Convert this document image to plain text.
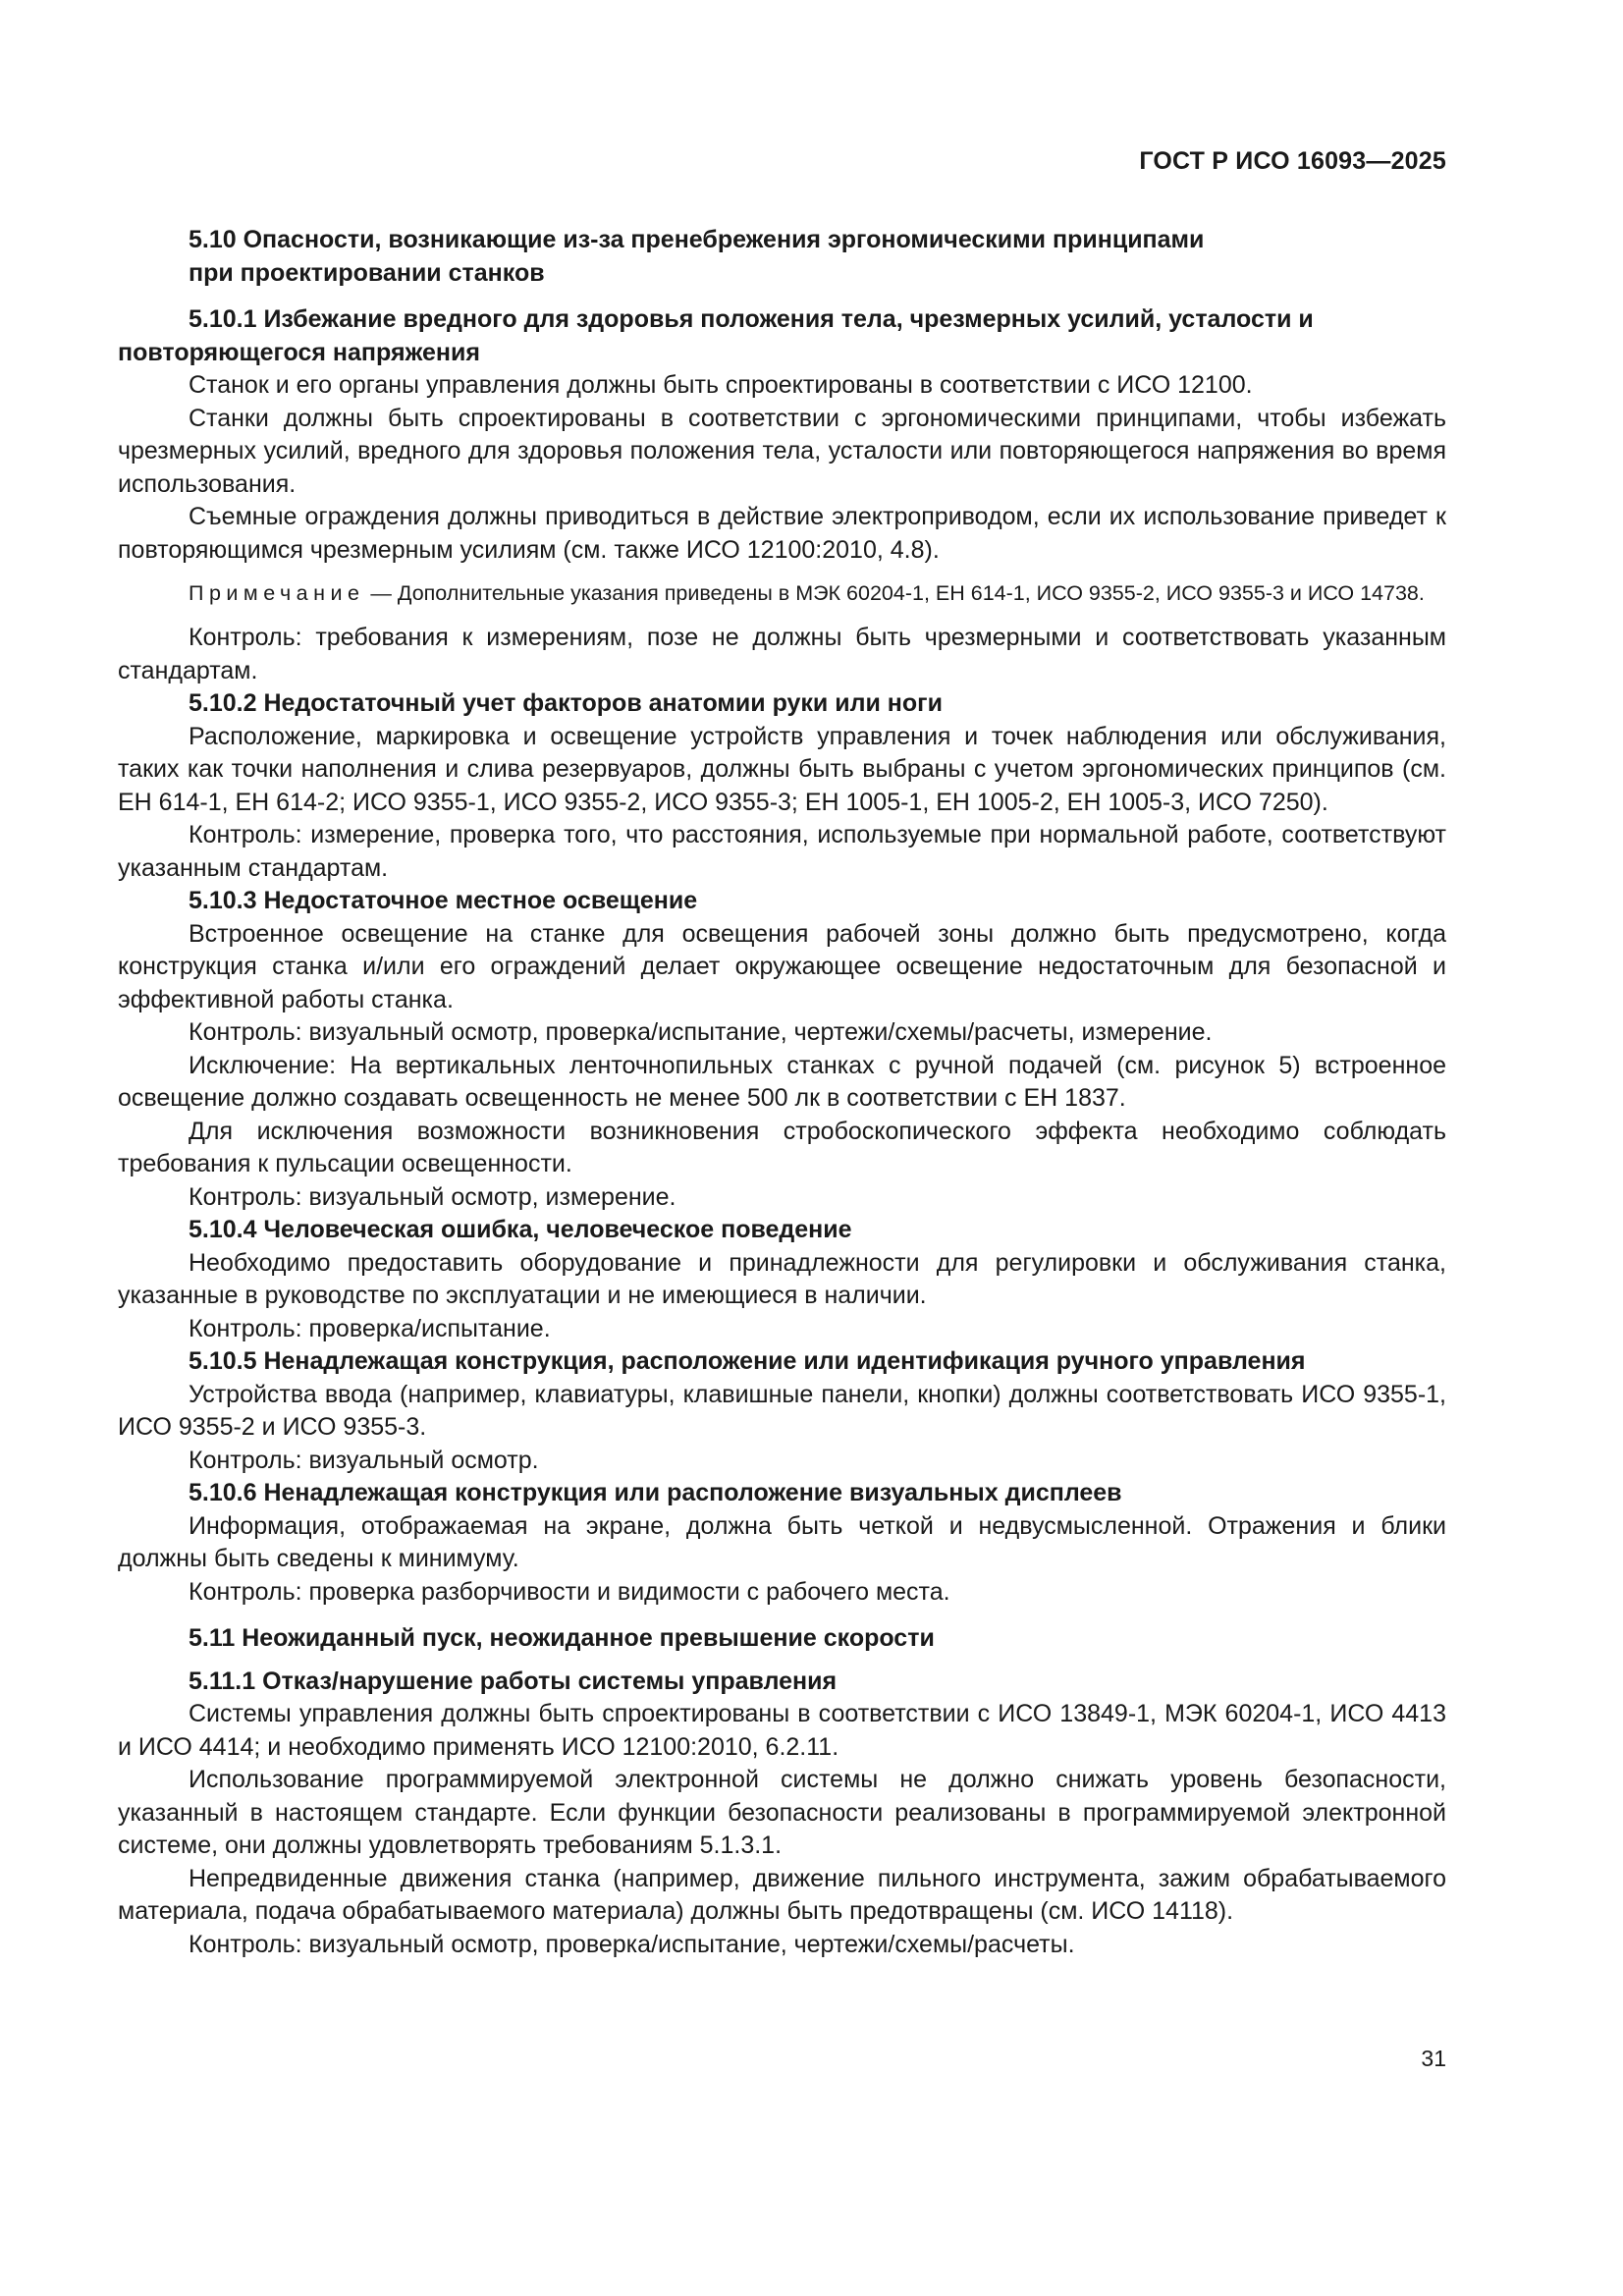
ГОСТ Р ИСО 16093—2025

5.10 Опасности, возникающие из-за пренебрежения эргономическими принципами
при проектировании станков

5.10.1 Избежание вредного для здоровья положения тела, чрезмерных усилий, усталости и повторяющегося напряжения

Станок и его органы управления должны быть спроектированы в соответствии с ИСО 12100.

Станки должны быть спроектированы в соответствии с эргономическими принципами, чтобы избежать чрезмерных усилий, вредного для здоровья положения тела, усталости или повторяющегося напряжения во время использования.

Съемные ограждения должны приводиться в действие электроприводом, если их использование приведет к повторяющимся чрезмерным усилиям (см. также ИСО 12100:2010, 4.8).

Примечание — Дополнительные указания приведены в МЭК 60204-1, ЕН 614-1, ИСО 9355-2, ИСО 9355-3 и ИСО 14738.

Контроль: требования к измерениям, позе не должны быть чрезмерными и соответствовать указанным стандартам.

5.10.2 Недостаточный учет факторов анатомии руки или ноги

Расположение, маркировка и освещение устройств управления и точек наблюдения или обслуживания, таких как точки наполнения и слива резервуаров, должны быть выбраны с учетом эргономических принципов (см. ЕН 614-1, ЕН 614-2; ИСО 9355-1, ИСО 9355-2, ИСО 9355-3; ЕН 1005-1, ЕН 1005-2, ЕН 1005-3, ИСО 7250).

Контроль: измерение, проверка того, что расстояния, используемые при нормальной работе, соответствуют указанным стандартам.

5.10.3 Недостаточное местное освещение

Встроенное освещение на станке для освещения рабочей зоны должно быть предусмотрено, когда конструкция станка и/или его ограждений делает окружающее освещение недостаточным для безопасной и эффективной работы станка.

Контроль: визуальный осмотр, проверка/испытание, чертежи/схемы/расчеты, измерение.

Исключение: На вертикальных ленточнопильных станках с ручной подачей (см. рисунок 5) встроенное освещение должно создавать освещенность не менее 500 лк в соответствии с ЕН 1837.

Для исключения возможности возникновения стробоскопического эффекта необходимо соблюдать требования к пульсации освещенности.

Контроль: визуальный осмотр, измерение.

5.10.4 Человеческая ошибка, человеческое поведение

Необходимо предоставить оборудование и принадлежности для регулировки и обслуживания станка, указанные в руководстве по эксплуатации и не имеющиеся в наличии.

Контроль: проверка/испытание.

5.10.5 Ненадлежащая конструкция, расположение или идентификация ручного управления

Устройства ввода (например, клавиатуры, клавишные панели, кнопки) должны соответствовать ИСО 9355-1, ИСО 9355-2 и ИСО 9355-3.

Контроль: визуальный осмотр.

5.10.6 Ненадлежащая конструкция или расположение визуальных дисплеев

Информация, отображаемая на экране, должна быть четкой и недвусмысленной. Отражения и блики должны быть сведены к минимуму.

Контроль: проверка разборчивости и видимости с рабочего места.

5.11 Неожиданный пуск, неожиданное превышение скорости

5.11.1 Отказ/нарушение работы системы управления

Системы управления должны быть спроектированы в соответствии с ИСО 13849-1, МЭК 60204-1, ИСО 4413 и ИСО 4414; и необходимо применять ИСО 12100:2010, 6.2.11.

Использование программируемой электронной системы не должно снижать уровень безопасности, указанный в настоящем стандарте. Если функции безопасности реализованы в программируемой электронной системе, они должны удовлетворять требованиям 5.1.3.1.

Непредвиденные движения станка (например, движение пильного инструмента, зажим обрабатываемого материала, подача обрабатываемого материала) должны быть предотвращены (см. ИСО 14118).

Контроль: визуальный осмотр, проверка/испытание, чертежи/схемы/расчеты.

31
